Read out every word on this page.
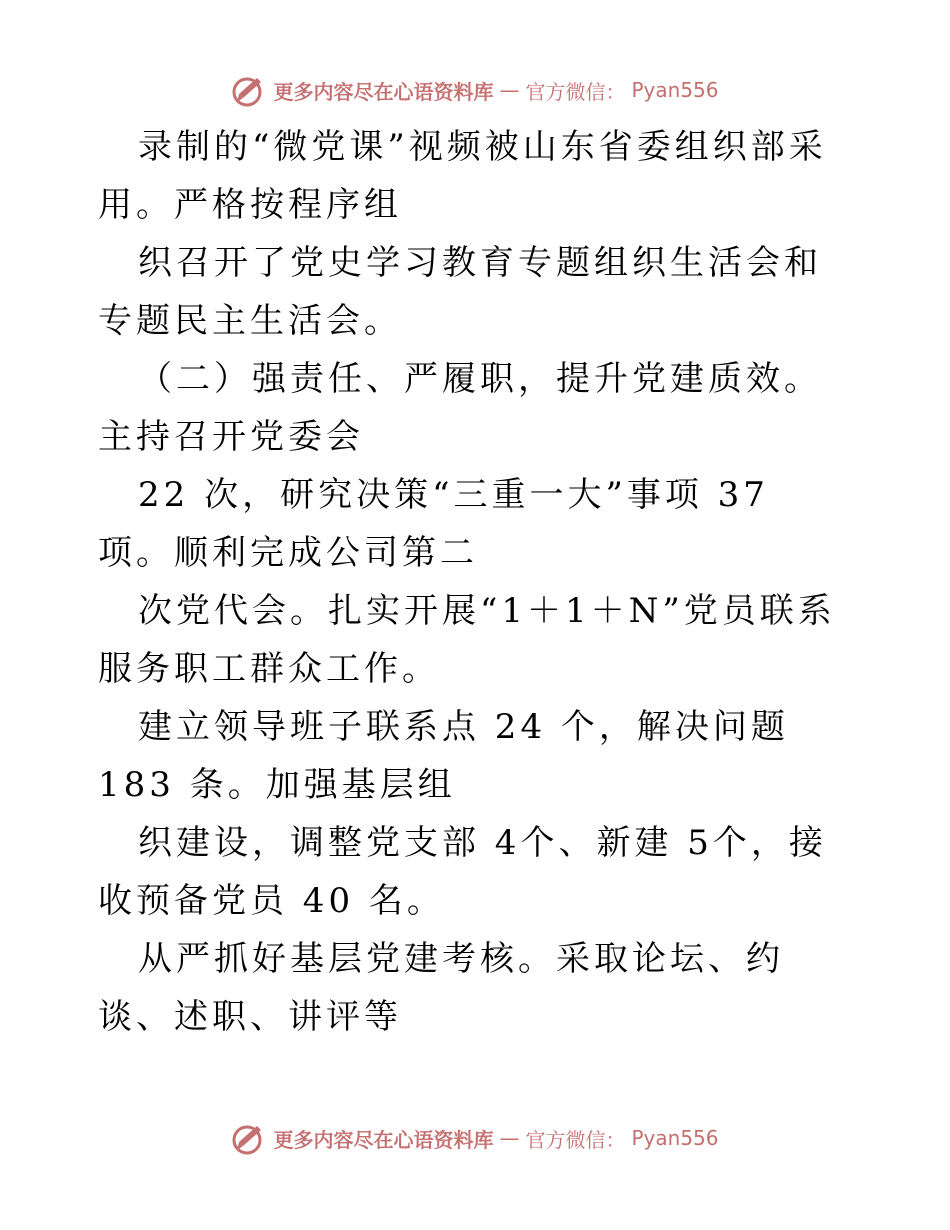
更多内容尽在心语资料库 — 官方微信： Pyan556

录制的“微党课”视频被山东省委组织部采用。严格按程序组

织召开了党史学习教育专题组织生活会和专题民主生活会。

（二）强责任、严履职，提升党建质效。主持召开党委会

22 次，研究决策“三重一大”事项 37 项。顺利完成公司第二

次党代会。扎实开展“1＋1＋N”党员联系服务职工群众工作。

建立领导班子联系点 24 个，解决问题 183 条。加强基层组

织建设，调整党支部 4个、新建 5个，接收预备党员 40 名。

从严抓好基层党建考核。采取论坛、约谈、述职、讲评等

更多内容尽在心语资料库 — 官方微信： Pyan556
